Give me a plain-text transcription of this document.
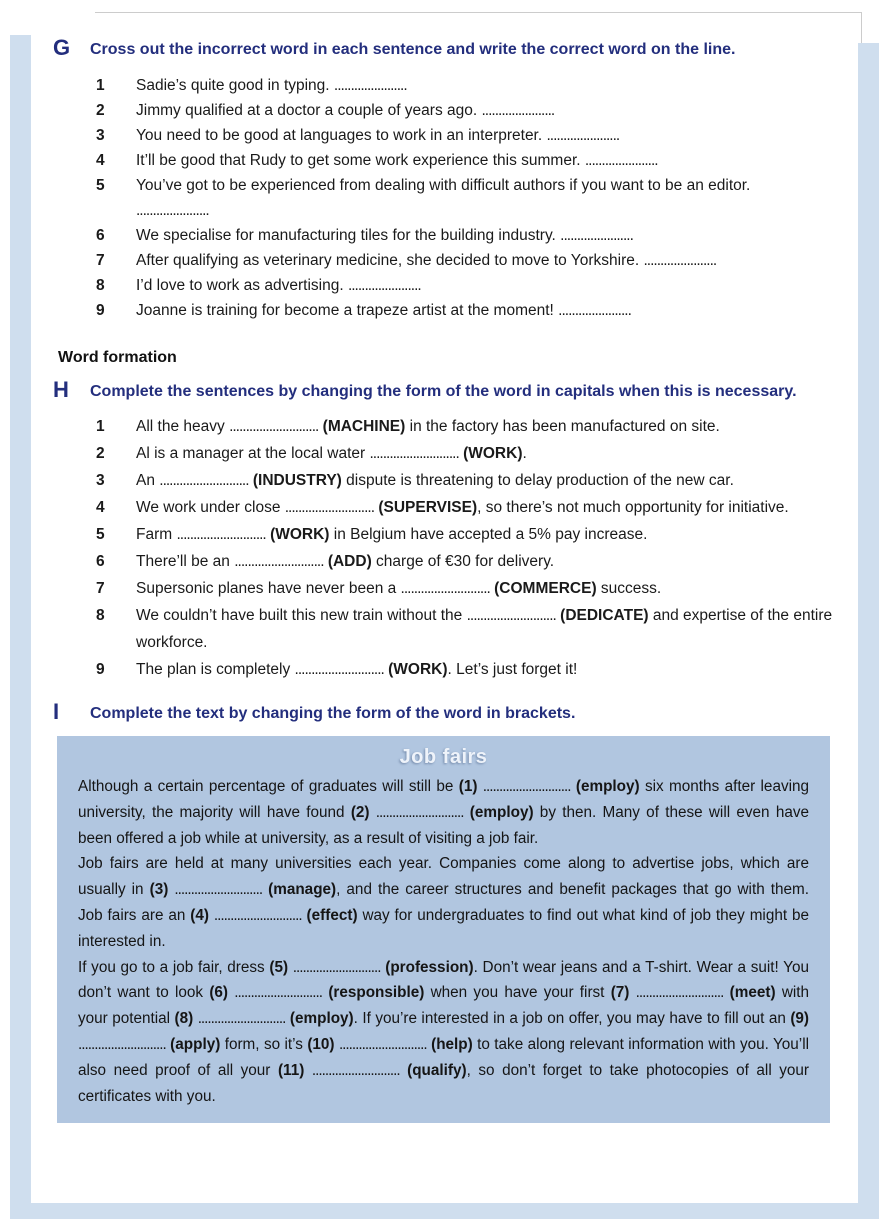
G	Cross out the incorrect word in each sentence and write the correct word on the line.
1	Sadie’s quite good in typing. ......................
2	Jimmy qualified at a doctor a couple of years ago. ......................
3	You need to be good at languages to work in an interpreter. ......................
4	It’ll be good that Rudy to get some work experience this summer. ......................
5	You’ve got to be experienced from dealing with difficult authors if you want to be an editor.
......................
6	We specialise for manufacturing tiles for the building industry. ......................
7	After qualifying as veterinary medicine, she decided to move to Yorkshire. ......................
8	I’d love to work as advertising. ......................
9	Joanne is training for become a trapeze artist at the moment! ......................
Word formation
H	Complete the sentences by changing the form of the word in capitals when this is necessary.
1	All the heavy ........................... (MACHINE) in the factory has been manufactured on site.
2	Al is a manager at the local water ........................... (WORK).
3	An ........................... (INDUSTRY) dispute is threatening to delay production of the new car.
4	We work under close ........................... (SUPERVISE), so there’s not much opportunity for initiative.
5	Farm ........................... (WORK) in Belgium have accepted a 5% pay increase.
6	There’ll be an ........................... (ADD) charge of €30 for delivery.
7	Supersonic planes have never been a ........................... (COMMERCE) success.
8	We couldn’t have built this new train without the ........................... (DEDICATE) and expertise of the entire workforce.
9	The plan is completely ........................... (WORK). Let’s just forget it!
I	Complete the text by changing the form of the word in brackets.
Job fairs

Although a certain percentage of graduates will still be (1) ........................... (employ) six months after leaving university, the majority will have found (2) ........................... (employ) by then. Many of these will even have been offered a job while at university, as a result of visiting a job fair.

Job fairs are held at many universities each year. Companies come along to advertise jobs, which are usually in (3) ........................... (manage), and the career structures and benefit packages that go with them. Job fairs are an (4) ........................... (effect) way for undergraduates to find out what kind of job they might be interested in.

If you go to a job fair, dress (5) ........................... (profession). Don’t wear jeans and a T-shirt. Wear a suit! You don’t want to look (6) ........................... (responsible) when you have your first (7) ........................... (meet) with your potential (8) ........................... (employ). If you’re interested in a job on offer, you may have to fill out an (9) ........................... (apply) form, so it’s (10) ........................... (help) to take along relevant information with you. You’ll also need proof of all your (11) ........................... (qualify), so don’t forget to take photocopies of all your certificates with you.
